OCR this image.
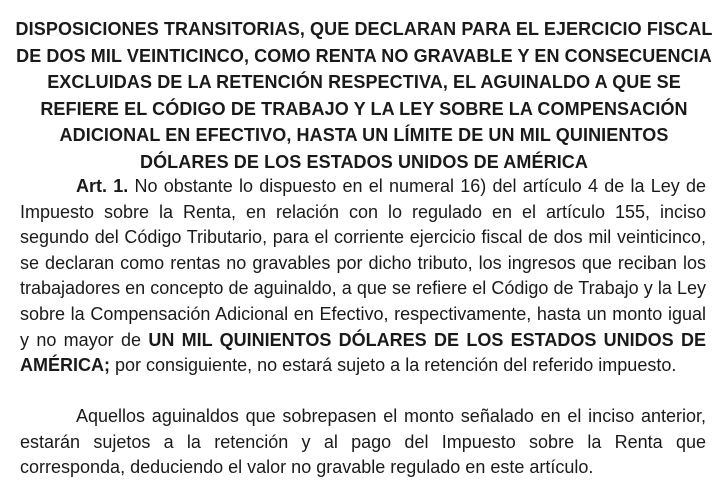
DISPOSICIONES TRANSITORIAS, QUE DECLARAN PARA EL EJERCICIO FISCAL DE DOS MIL VEINTICINCO, COMO RENTA NO GRAVABLE Y EN CONSECUENCIA EXCLUIDAS DE LA RETENCIÓN RESPECTIVA, EL AGUINALDO A QUE SE REFIERE EL CÓDIGO DE TRABAJO Y LA LEY SOBRE LA COMPENSACIÓN ADICIONAL EN EFECTIVO, HASTA UN LÍMITE DE UN MIL QUINIENTOS DÓLARES DE LOS ESTADOS UNIDOS DE AMÉRICA

Art. 1. No obstante lo dispuesto en el numeral 16) del artículo 4 de la Ley de Impuesto sobre la Renta, en relación con lo regulado en el artículo 155, inciso segundo del Código Tributario, para el corriente ejercicio fiscal de dos mil veinticinco, se declaran como rentas no gravables por dicho tributo, los ingresos que reciban los trabajadores en concepto de aguinaldo, a que se refiere el Código de Trabajo y la Ley sobre la Compensación Adicional en Efectivo, respectivamente, hasta un monto igual y no mayor de UN MIL QUINIENTOS DÓLARES DE LOS ESTADOS UNIDOS DE AMÉRICA; por consiguiente, no estará sujeto a la retención del referido impuesto.

Aquellos aguinaldos que sobrepasen el monto señalado en el inciso anterior, estarán sujetos a la retención y al pago del Impuesto sobre la Renta que corresponda, deduciendo el valor no gravable regulado en este artículo.
